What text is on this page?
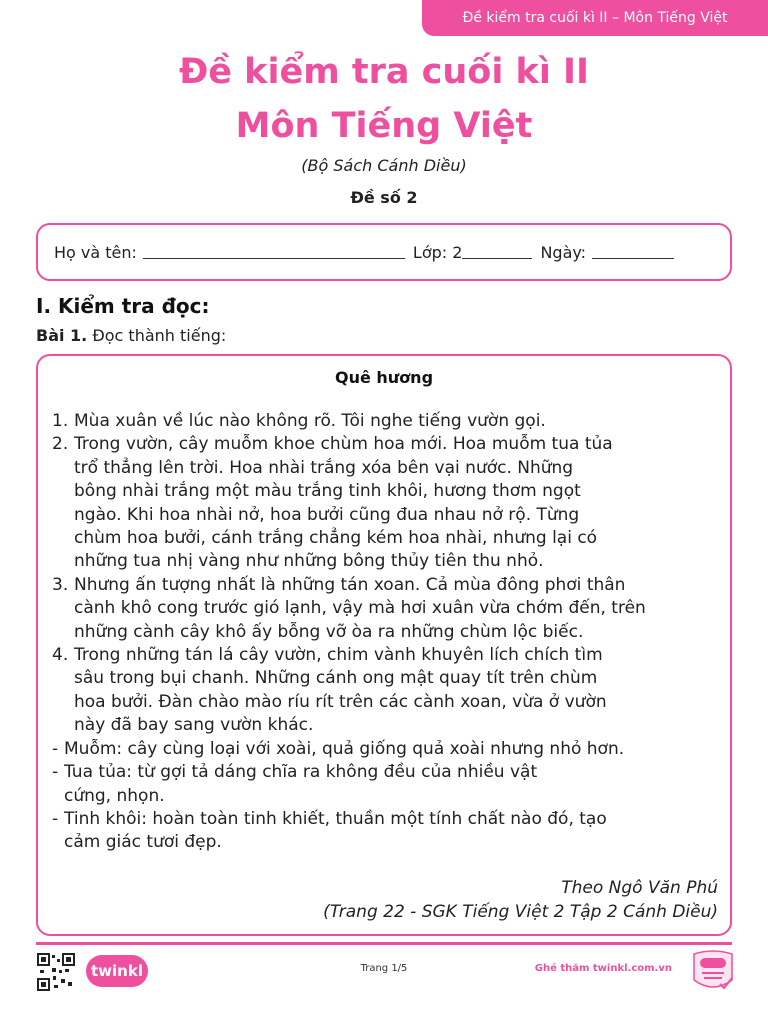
Đề kiểm tra cuối kì II – Môn Tiếng Việt
Đề kiểm tra cuối kì II
Môn Tiếng Việt
(Bộ Sách Cánh Diều)
Đề số 2
Họ và tên:	Lớp: 2	Ngày:
I. Kiểm tra đọc:
Bài 1. Đọc thành tiếng:
Quê hương
1. Mùa xuân về lúc nào không rõ. Tôi nghe tiếng vườn gọi.
2. Trong vườn, cây muỗm khoe chùm hoa mới. Hoa muỗm tua tủa
trổ thẳng lên trời. Hoa nhài trắng xóa bên vại nước. Những
bông nhài trắng một màu trắng tinh khôi, hương thơm ngọt
ngào. Khi hoa nhài nở, hoa bưởi cũng đua nhau nở rộ. Từng
chùm hoa bưởi, cánh trắng chẳng kém hoa nhài, nhưng lại có
những tua nhị vàng như những bông thủy tiên thu nhỏ.
3. Nhưng ấn tượng nhất là những tán xoan. Cả mùa đông phơi thân
cành khô cong trước gió lạnh, vậy mà hơi xuân vừa chớm đến, trên
những cành cây khô ấy bỗng vỡ òa ra những chùm lộc biếc.
4. Trong những tán lá cây vườn, chim vành khuyên lích chích tìm
sâu trong bụi chanh. Những cánh ong mật quay tít trên chùm
hoa bưởi. Đàn chào mào ríu rít trên các cành xoan, vừa ở vườn
này đã bay sang vườn khác.
- Muỗm: cây cùng loại với xoài, quả giống quả xoài nhưng nhỏ hơn.
- Tua tủa: từ gợi tả dáng chĩa ra không đều của nhiều vật
cứng, nhọn.
- Tinh khôi: hoàn toàn tinh khiết, thuần một tính chất nào đó, tạo
cảm giác tươi đẹp.
Theo Ngô Văn Phú
(Trang 22 - SGK Tiếng Việt 2 Tập 2 Cánh Diều)
twinkl	Trang 1/5	Ghé thăm twinkl.com.vn
